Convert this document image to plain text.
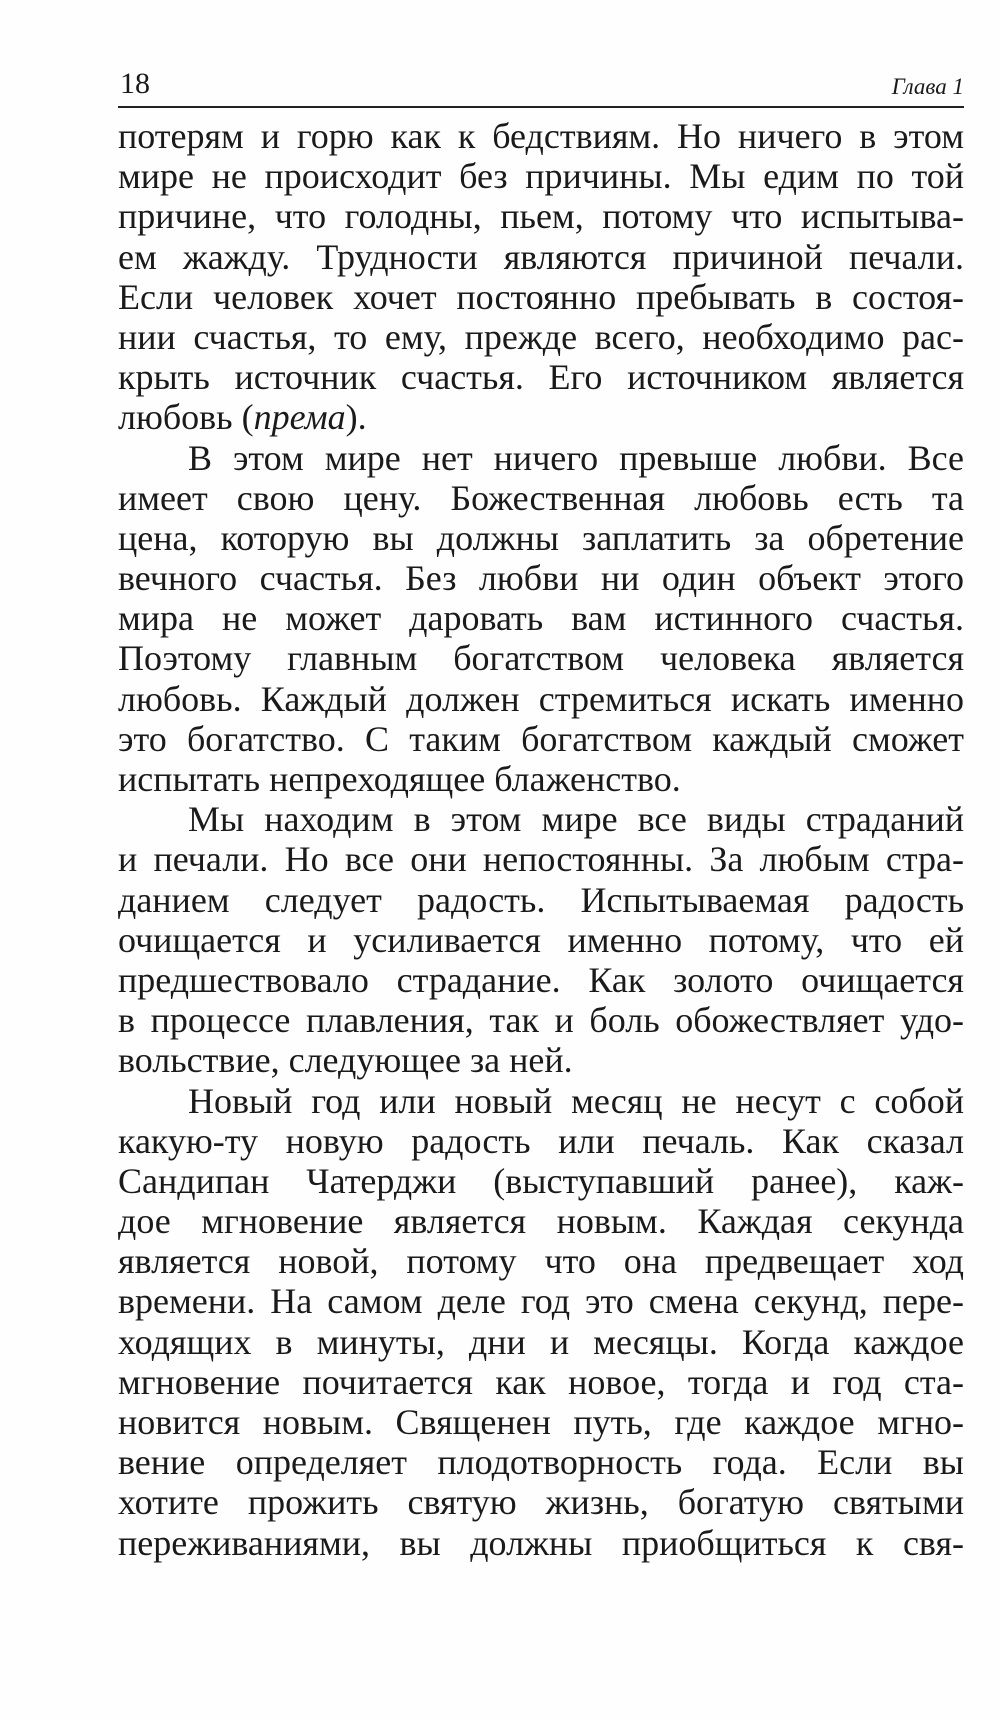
18	Глава 1
потерям и горю как к бедствиям. Но ничего в этом
мире не происходит без причины. Мы едим по той
причине, что голодны, пьем, потому что испытыва-
ем жажду. Трудности являются причиной печали.
Если человек хочет постоянно пребывать в состоя-
нии счастья, то ему, прежде всего, необходимо рас-
крыть источник счастья. Его источником является
любовь (према).
В этом мире нет ничего превыше любви. Все
имеет свою цену. Божественная любовь есть та
цена, которую вы должны заплатить за обретение
вечного счастья. Без любви ни один объект этого
мира не может даровать вам истинного счастья.
Поэтому главным богатством человека является
любовь. Каждый должен стремиться искать именно
это богатство. С таким богатством каждый сможет
испытать непреходящее блаженство.
Мы находим в этом мире все виды страданий
и печали. Но все они непостоянны. За любым стра-
данием следует радость. Испытываемая радость
очищается и усиливается именно потому, что ей
предшествовало страдание. Как золото очищается
в процессе плавления, так и боль обожествляет удо-
вольствие, следующее за ней.
Новый год или новый месяц не несут с собой
какую-ту новую радость или печаль. Как сказал
Сандипан Чатерджи (выступавший ранее), каж-
дое мгновение является новым. Каждая секунда
является новой, потому что она предвещает ход
времени. На самом деле год это смена секунд, пере-
ходящих в минуты, дни и месяцы. Когда каждое
мгновение почитается как новое, тогда и год ста-
новится новым. Священен путь, где каждое мгно-
вение определяет плодотворность года. Если вы
хотите прожить святую жизнь, богатую святыми
переживаниями, вы должны приобщиться к свя-
